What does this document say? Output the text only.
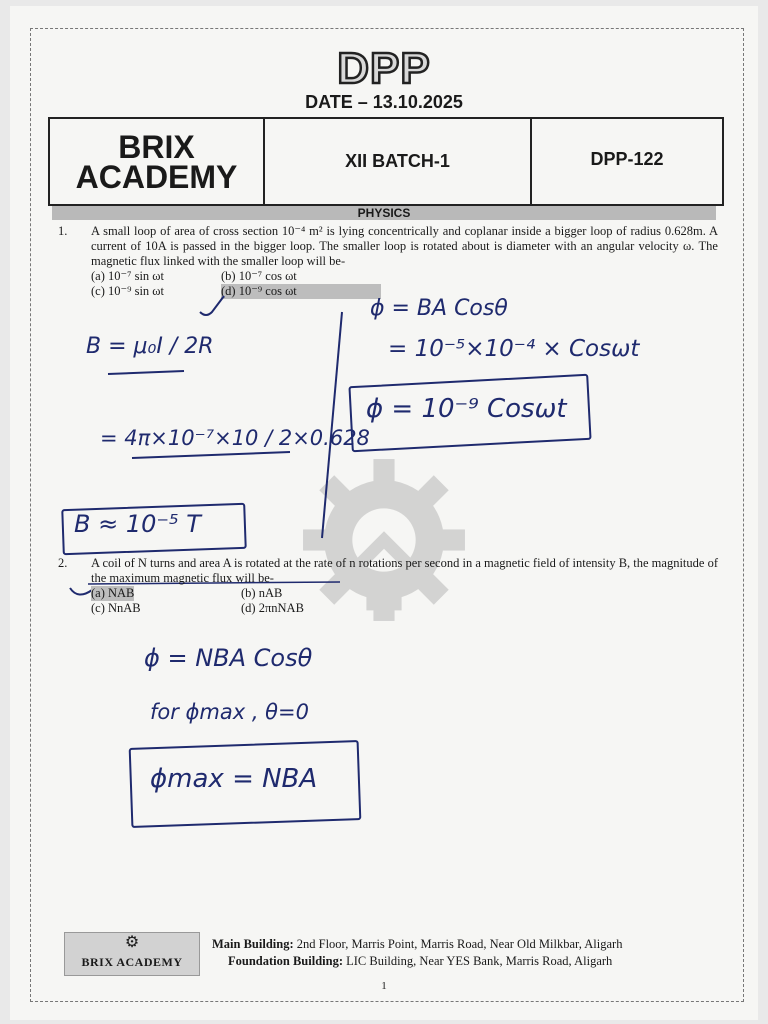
DPP
DATE – 13.10.2025
BRIX
ACADEMY	XII BATCH-1	DPP-122
PHYSICS
1. A small loop of area of cross section 10⁻⁴ m² is lying concentrically and coplanar inside a bigger loop of radius 0.628m. A current of 10A is passed in the bigger loop. The smaller loop is rotated about is diameter with an angular velocity ω. The magnetic flux linked with the smaller loop will be-
(a) 10⁻⁷ sin ωt	(b) 10⁻⁷ cos ωt
(c) 10⁻⁹ sin ωt	(d) 10⁻⁹ cos ωt
B = μ₀I / 2R
= 4π×10⁻⁷×10 / 2×0.628
B ≈ 10⁻⁵ T
ϕ = BA Cosθ
= 10⁻⁵×10⁻⁴ × Cosωt
ϕ = 10⁻⁹ Cosωt
2. A coil of N turns and area A is rotated at the rate of n rotations per second in a magnetic field of intensity B, the magnitude of the maximum magnetic flux will be-
(a) NAB	(b) nAB
(c) NnAB	(d) 2πnNAB
ϕ = NBA Cosθ
for ϕmax , θ=0
ϕmax = NBA
⚙
BRIX ACADEMY
Main Building: 2nd Floor, Marris Point, Marris Road, Near Old Milkbar, Aligarh
Foundation Building: LIC Building, Near YES Bank, Marris Road, Aligarh
1
